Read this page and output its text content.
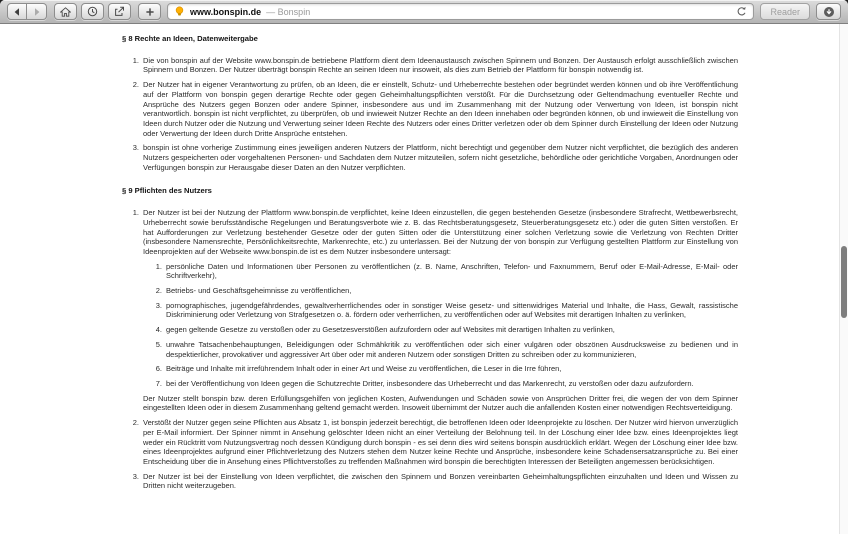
www.bonspin.de — Bonspin	Reader
§ 8 Rechte an Ideen, Datenweitergabe
1. Die von bonspin auf der Website www.bonspin.de betriebene Plattform dient dem Ideenaustausch zwischen Spinnern und Bonzen. Der Austausch erfolgt ausschließlich zwischen Spinnern und Bonzen. Der Nutzer überträgt bonspin Rechte an seinen Ideen nur insoweit, als dies zum Betrieb der Plattform für bonspin notwendig ist.

2. Der Nutzer hat in eigener Verantwortung zu prüfen, ob an Ideen, die er einstellt, Schutz- und Urheberrechte bestehen oder begründet werden können und ob ihre Veröffentlichung auf der Plattform von bonspin gegen derartige Rechte oder gegen Geheimhaltungspflichten verstößt. Für die Durchsetzung oder Geltendmachung eventueller Rechte und Ansprüche des Nutzers gegen Bonzen oder andere Spinner, insbesondere aus und im Zusammenhang mit der Nutzung oder Verwertung von Ideen, ist bonspin nicht verantwortlich. bonspin ist nicht verpflichtet, zu überprüfen, ob und inwieweit Nutzer Rechte an den Ideen innehaben oder begründen können, ob und inwieweit die Einstellung von Ideen durch Nutzer oder die Nutzung und Verwertung seiner Ideen Rechte des Nutzers oder eines Dritter verletzen oder ob dem Spinner durch Einstellung der Ideen oder Nutzung oder Verwertung der Ideen durch Dritte Ansprüche entstehen.

3. bonspin ist ohne vorherige Zustimmung eines jeweiligen anderen Nutzers der Plattform, nicht berechtigt und gegenüber dem Nutzer nicht verpflichtet, die bezüglich des anderen Nutzers gespeicherten oder vorgehaltenen Personen- und Sachdaten dem Nutzer mitzuteilen, sofern nicht gesetzliche, behördliche oder gerichtliche Vorgaben, Anordnungen oder Verfügungen bonspin zur Herausgabe dieser Daten an den Nutzer verpflichten.

§ 9 Pflichten des Nutzers
1. Der Nutzer ist bei der Nutzung der Plattform www.bonspin.de verpflichtet, keine Ideen einzustellen, die gegen bestehenden Gesetze (insbesondere Strafrecht, Wettbewerbsrecht, Urheberrecht sowie berufsständische Regelungen und Beratungsverbote wie z. B. das Rechtsberatungsgesetz, Steuerberatungsgesetz etc.) oder die guten Sitten verstoßen. Er hat Aufforderungen zur Verletzung bestehender Gesetze oder der guten Sitten oder die Unterstützung einer solchen Verletzung sowie die Verletzung von Rechten Dritter (insbesondere Namensrechte, Persönlichkeitsrechte, Markenrechte, etc.) zu unterlassen. Bei der Nutzung der von bonspin zur Verfügung gestellten Plattform zur Einstellung von Ideenprojekten auf der Webseite www.bonspin.de ist es dem Nutzer insbesondere untersagt:

1. persönliche Daten und Informationen über Personen zu veröffentlichen (z. B. Name, Anschriften, Telefon- und Faxnummern, Beruf oder E-Mail-Adresse, E-Mail- oder Schriftverkehr),

2. Betriebs- und Geschäftsgeheimnisse zu veröffentlichen,

3. pornographisches, jugendgefährdendes, gewaltverherrlichendes oder in sonstiger Weise gesetz- und sittenwidriges Material und Inhalte, die Hass, Gewalt, rassistische Diskriminierung oder Verletzung von Strafgesetzen o. ä. fördern oder verherrlichen, zu veröffentlichen oder auf Websites mit derartigen Inhalten zu verlinken,

4. gegen geltende Gesetze zu verstoßen oder zu Gesetzesverstößen aufzufordern oder auf Websites mit derartigen Inhalten zu verlinken,

5. unwahre Tatsachenbehauptungen, Beleidigungen oder Schmähkritik zu veröffentlichen oder sich einer vulgären oder obszönen Ausdrucksweise zu bedienen und in despektierlicher, provokativer und aggressiver Art über oder mit anderen Nutzern oder sonstigen Dritten zu schreiben oder zu kommunizieren,

6. Beiträge und Inhalte mit irreführendem Inhalt oder in einer Art und Weise zu veröffentlichen, die Leser in die Irre führen,

7. bei der Veröffentlichung von Ideen gegen die Schutzrechte Dritter, insbesondere das Urheberrecht und das Markenrecht, zu verstoßen oder dazu aufzufordern.

Der Nutzer stellt bonspin bzw. deren Erfüllungsgehilfen von jeglichen Kosten, Aufwendungen und Schäden sowie von Ansprüchen Dritter frei, die wegen der von dem Spinner eingestellten Ideen oder in diesem Zusammenhang geltend gemacht werden. Insoweit übernimmt der Nutzer auch die anfallenden Kosten einer notwendigen Rechtsverteidigung.

2. Verstößt der Nutzer gegen seine Pflichten aus Absatz 1, ist bonspin jederzeit berechtigt, die betroffenen Ideen oder Ideenprojekte zu löschen. Der Nutzer wird hiervon unverzüglich per E-Mail informiert. Der Spinner nimmt in Ansehung gelöschter Ideen nicht an einer Verteilung der Belohnung teil. In der Löschung einer Idee bzw. eines Ideenprojektes liegt weder ein Rücktritt vom Nutzungsvertrag noch dessen Kündigung durch bonspin - es sei denn dies wird seitens bonspin ausdrücklich erklärt. Wegen der Löschung einer Idee bzw. eines Ideenprojektes aufgrund einer Pflichtverletzung des Nutzers stehen dem Nutzer keine Rechte und Ansprüche, insbesondere keine Schadensersatzansprüche zu. Bei einer Entscheidung über die in Ansehung eines Pflichtverstoßes zu treffenden Maßnahmen wird bonspin die berechtigten Interessen der Beteiligten angemessen berücksichtigen.

3. Der Nutzer ist bei der Einstellung von Ideen verpflichtet, die zwischen den Spinnern und Bonzen vereinbarten Geheimhaltungspflichten einzuhalten und Ideen und Wissen zu Dritten nicht weiterzugeben.
